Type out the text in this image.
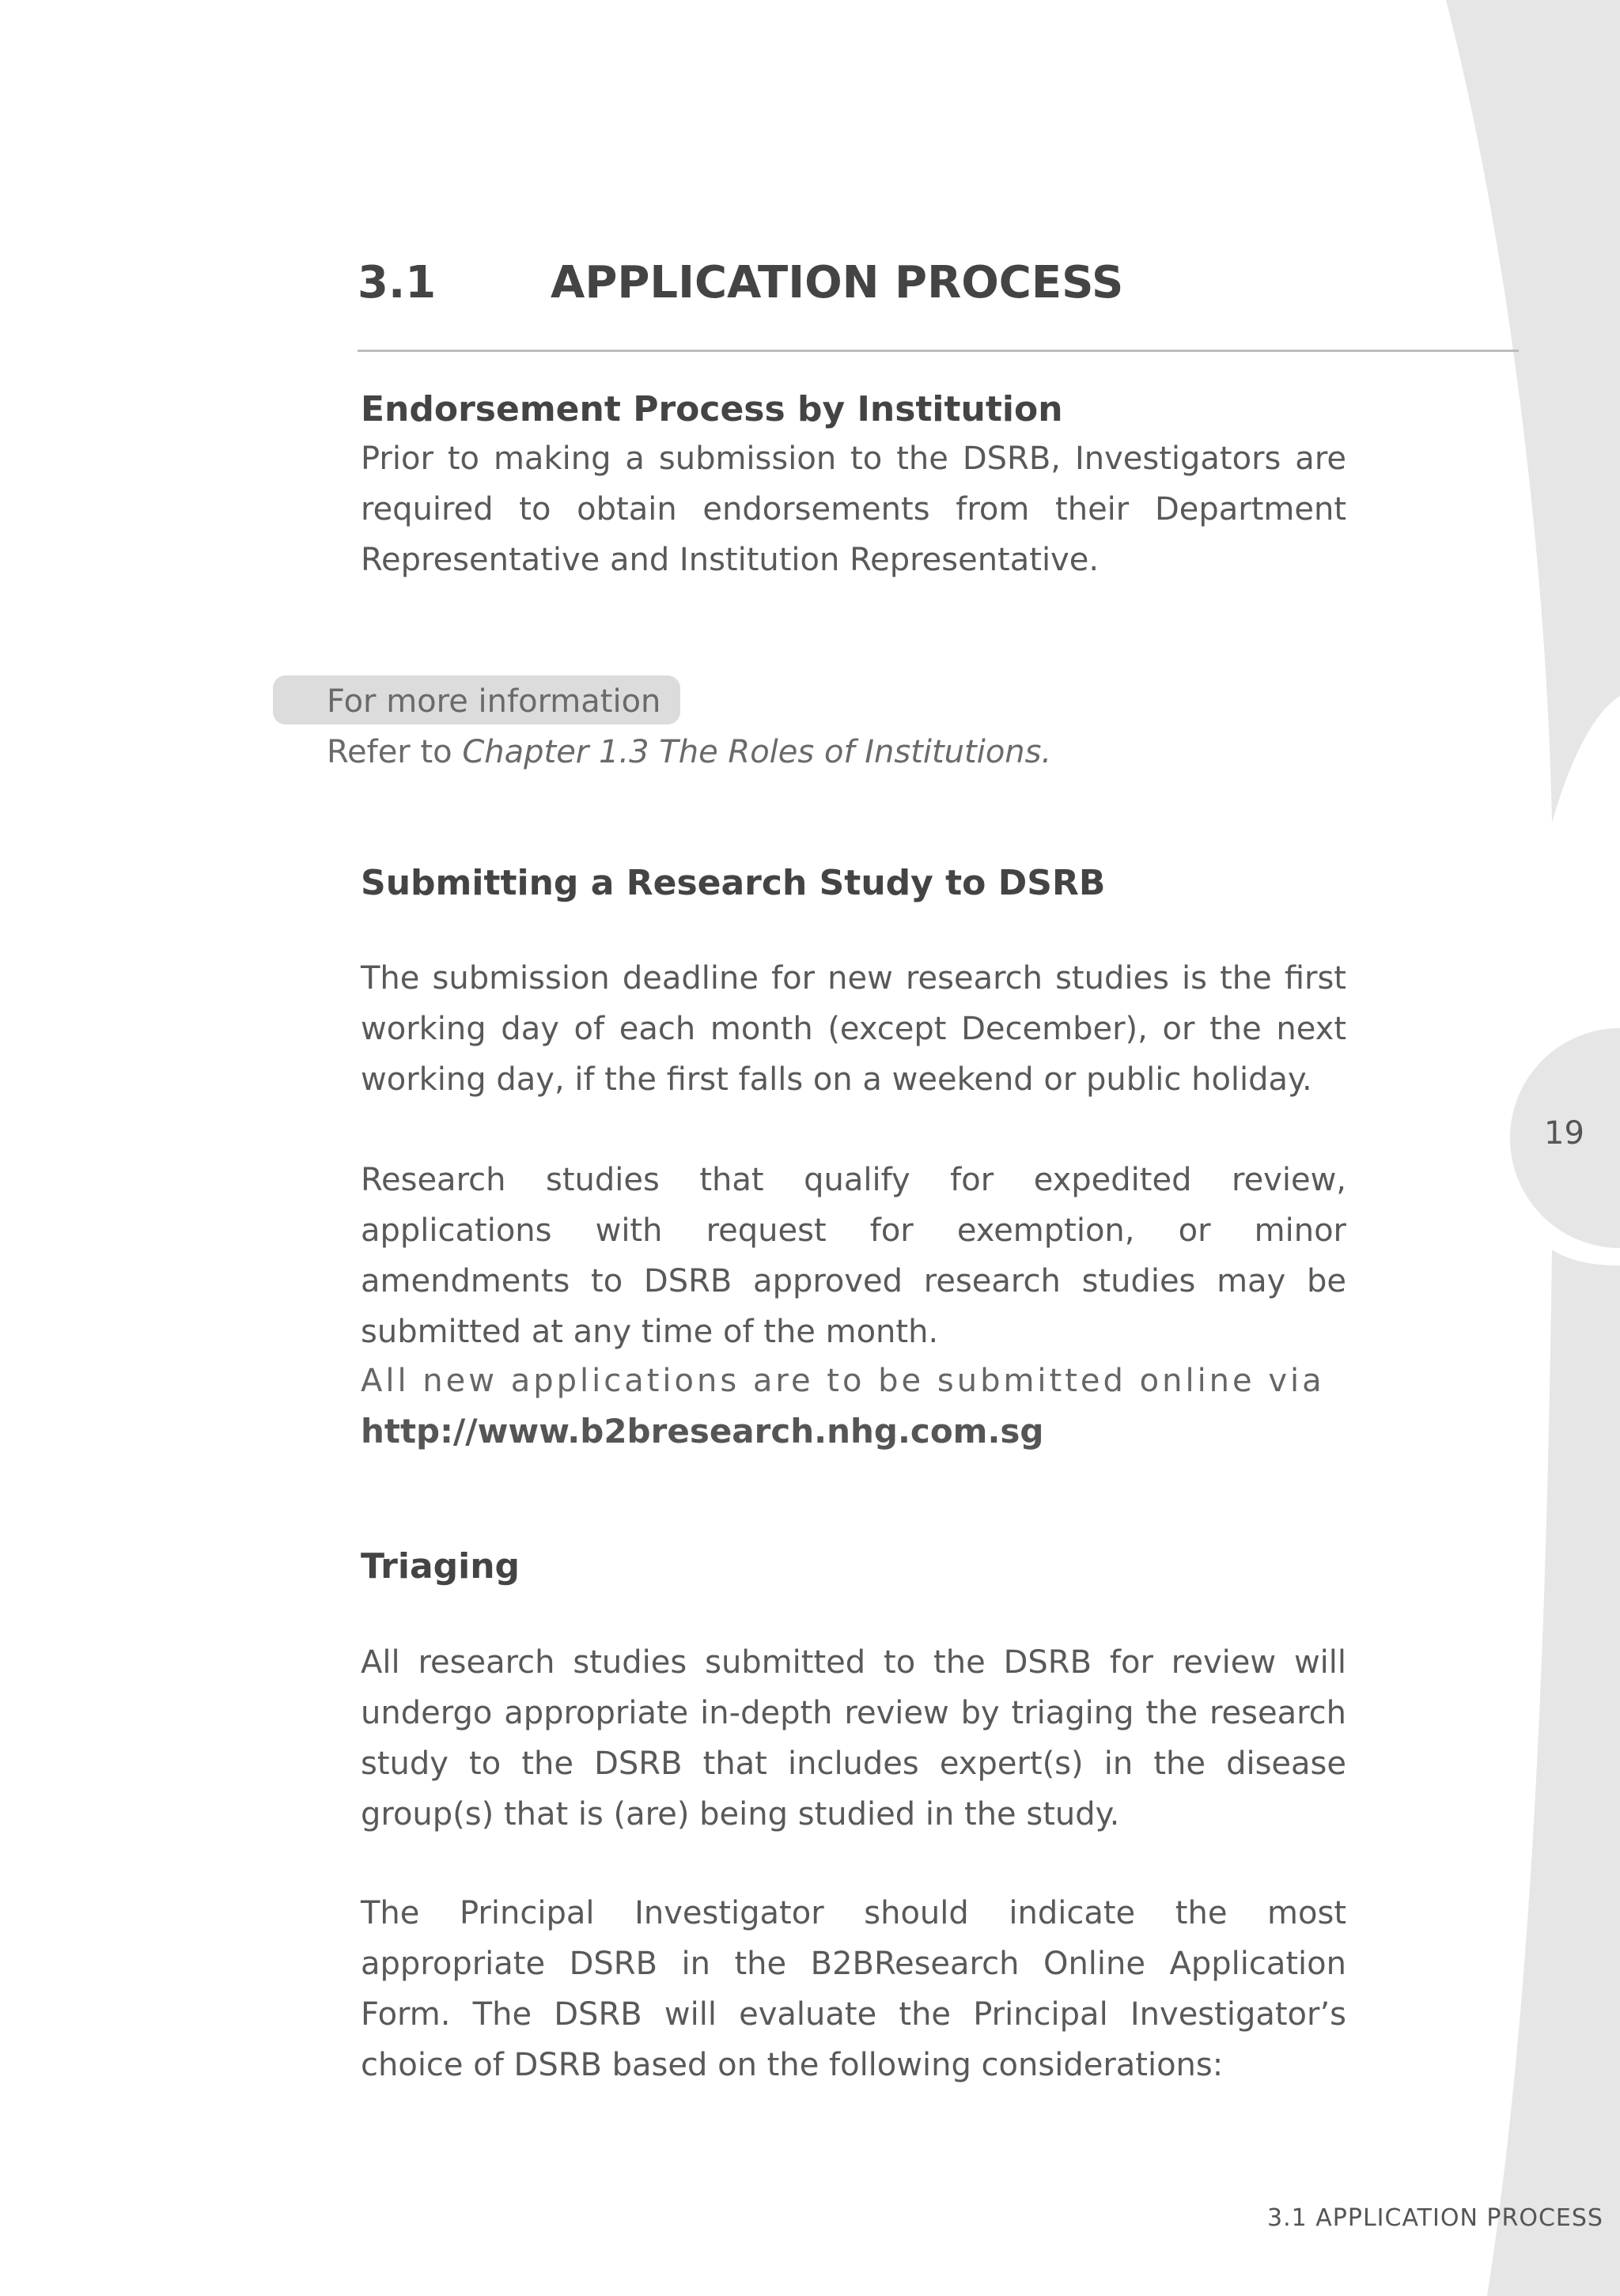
3.1	APPLICATION PROCESS
Endorsement Process by Institution

Prior to making a submission to the DSRB, Investigators are required to obtain endorsements from their Department Representative and Institution Representative.

For more information
Refer to Chapter 1.3 The Roles of Institutions.
Submitting a Research Study to DSRB

The submission deadline for new research studies is the first working day of each month (except December), or the next working day, if the first falls on a weekend or public holiday.

Research studies that qualify for expedited review, applications with request for exemption, or minor amendments to DSRB approved research studies may be submitted at any time of the month.

All new applications are to be submitted online via

http://www.b2bresearch.nhg.com.sg

Triaging

All research studies submitted to the DSRB for review will undergo appropriate in-depth review by triaging the research study to the DSRB that includes expert(s) in the disease group(s) that is (are) being studied in the study.

The Principal Investigator should indicate the most appropriate DSRB in the B2BResearch Online Application Form. The DSRB will evaluate the Principal Investigator’s choice of DSRB based on the following considerations:

19
3.1 APPLICATION PROCESS
